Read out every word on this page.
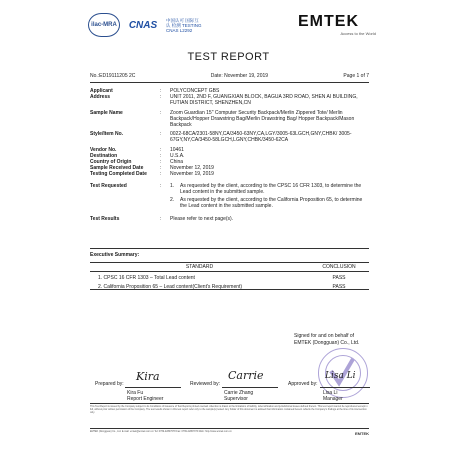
ilac-MRA	CNAS	中国认可 国际互认 检测 TESTING CNAS L2292	EMTEK
Access to the World
TEST REPORT
No.:ED19111205 2C	Date: November 19, 2019	Page 1 of 7
Applicant	:	POLYCONCEPT GBS
Address	:	UNIT 2011, 2ND F, GUANGXIAN BLOCK, BAGUA 3RD ROAD, SHEN AI BUILDING, FUTIAN DISTRICT, SHENZHEN,CN
Sample Name	:	Zoom Guardian 15" Computer Security Backpack/Merlin Zippered Tote/ Merlin Backpack/Hopper Drawstring Bag/Merlin Drawstring Bag/ Hopper Backpack/Mason Backpack
Style/Item No.	:	0022-68CA/2301-58NY,CA/3450-63NY,CA,LGY/3005-63LGCH,GNY,CHBK/ 3005-67GY,NY,CA/3450-58LGCH,LGNY,CHBK/3450-62CA
Vendor No.	:	10461
Destination	:	U.S.A.
Country of Origin	:	China
Sample Received Date	:	November 12, 2019
Testing Completed Date	:	November 19, 2019
Test Requested	:	1.	As requested by the client, according to the CPSC 16 CFR 1303, to determine the Lead content in the submitted sample.
2.	As requested by the client, according to the California Proposition 65, to determine the Lead content in the submitted sample.
Test Results	:	Please refer to next page(s).
Executive Summary:
STANDARD	CONCLUSION
1. CPSC 16 CFR 1303 – Total Lead content	PASS
2. California Proposition 65 – Lead content(Client's Requirement)	PASS
Signed for and on behalf of
EMTEK (Dongguan) Co., Ltd.
Prepared by:
Kira
Kira Fu
Report Engineer
Reviewed by:
Carrie
Carrie Zhang
Supervisor
Approved by:
Lisa Li
Lisa Li
Manager
This Test Report is issued by the Company subject to its Conditions of Issuance of Test Reports printed overleaf. Attention is drawn to the limitations of liability, indemnification and jurisdictional issues defined therein. This test report cannot be reproduced except in full, without prior written permission of the Company. The test results shown in this test report refer only to the sample(s) tested. Any holder of this document is advised that information contained hereon reflects the Company's findings at the time of its intervention only.
EMTEK (Dongguan) Co., Ltd. E-mail: emtek@emtek.com.cn Tel: 0769-22807078 Fax: 0769-22807079 Web: http://www.emtek.com.cn	EMTEK
